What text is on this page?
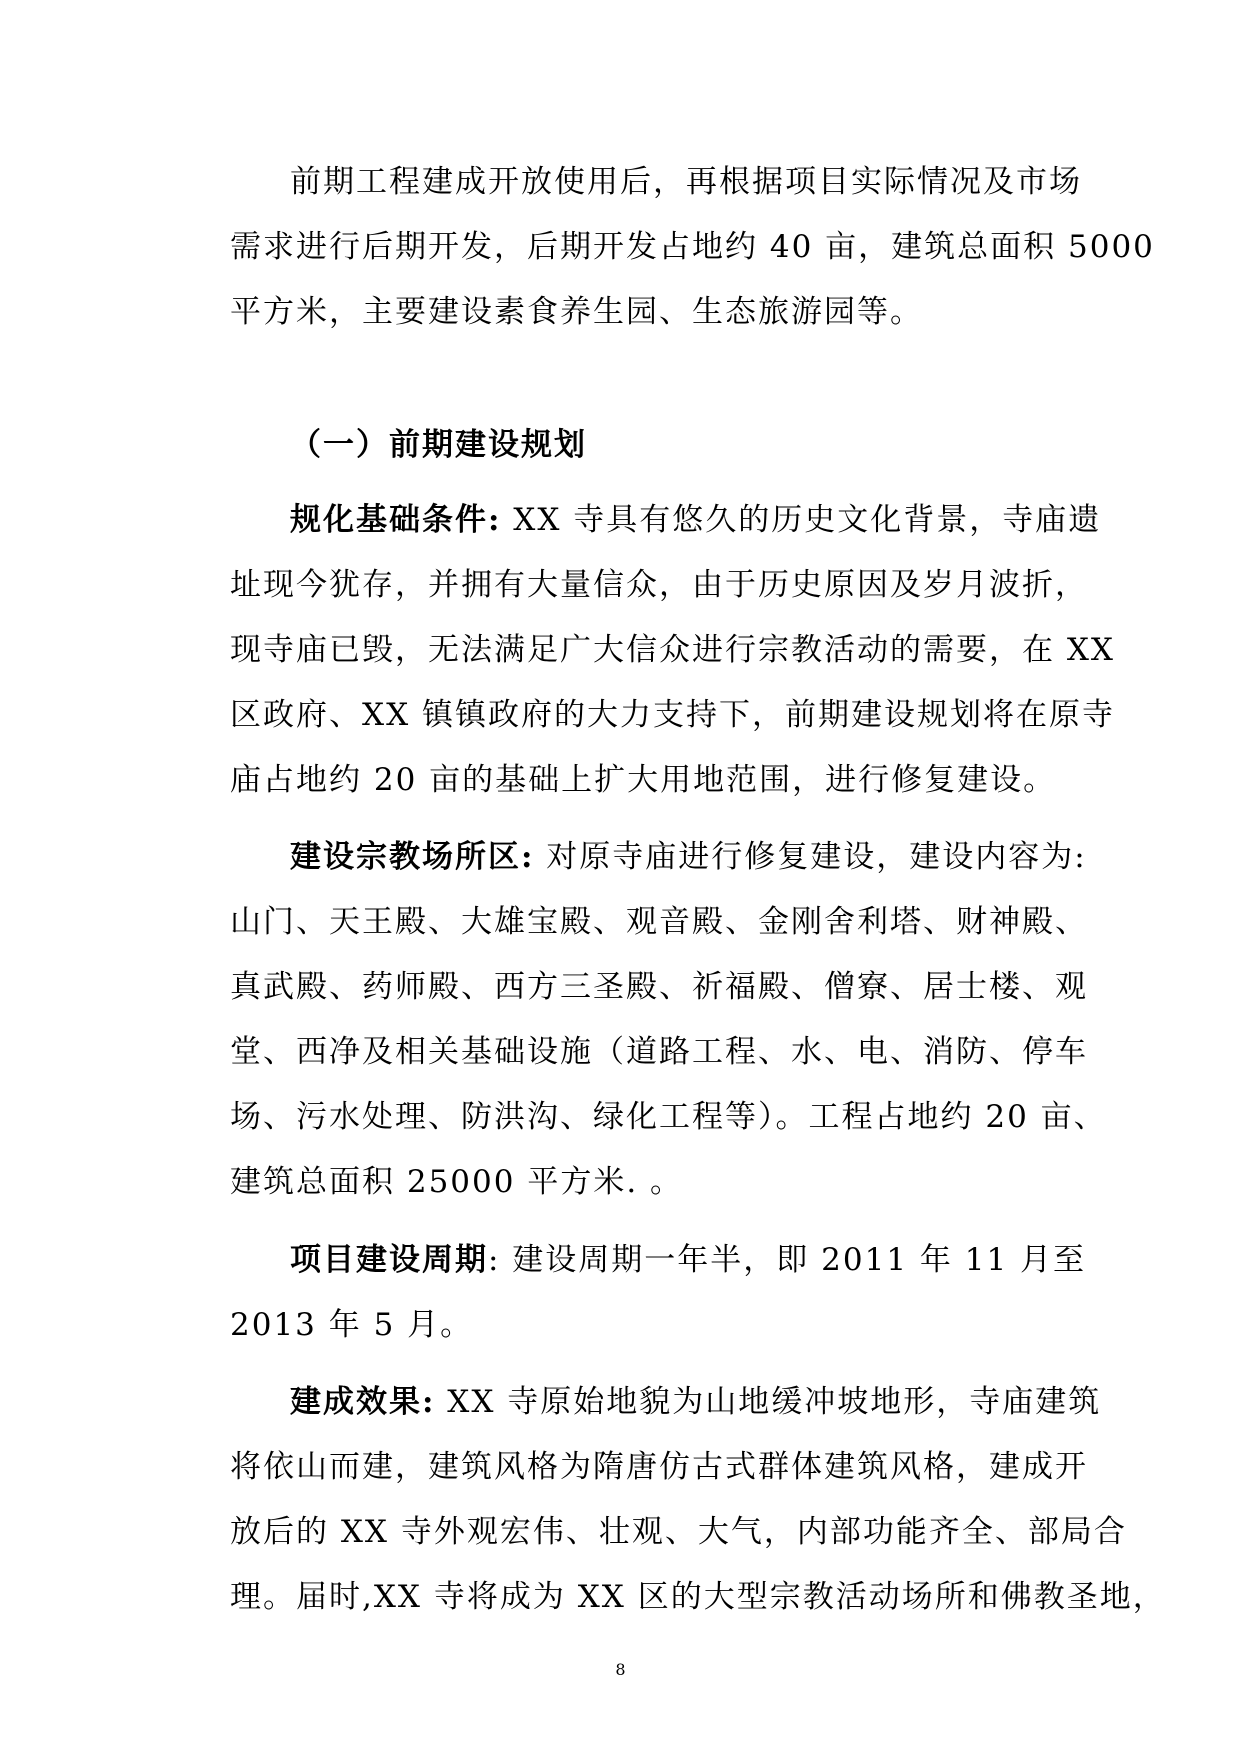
前期工程建成开放使用后，再根据项目实际情况及市场
需求进行后期开发，后期开发占地约 40 亩，建筑总面积 5000
平方米，主要建设素食养生园、生态旅游园等。
（一）前期建设规划
规化基础条件: XX 寺具有悠久的历史文化背景，寺庙遗
址现今犹存，并拥有大量信众，由于历史原因及岁月波折，
现寺庙已毁，无法满足广大信众进行宗教活动的需要，在 XX
区政府、XX 镇镇政府的大力支持下，前期建设规划将在原寺
庙占地约 20 亩的基础上扩大用地范围，进行修复建设。
建设宗教场所区: 对原寺庙进行修复建设，建设内容为:
山门、天王殿、大雄宝殿、观音殿、金刚舍利塔、财神殿、
真武殿、药师殿、西方三圣殿、祈福殿、僧寮、居士楼、观
堂、西净及相关基础设施（道路工程、水、电、消防、停车
场、污水处理、防洪沟、绿化工程等）。工程占地约 20 亩、
建筑总面积 25000 平方米. 。
项目建设周期: 建设周期一年半，即 2011 年 11 月至
2013 年 5 月。
建成效果: XX 寺原始地貌为山地缓冲坡地形，寺庙建筑
将依山而建，建筑风格为隋唐仿古式群体建筑风格，建成开
放后的 XX 寺外观宏伟、壮观、大气，内部功能齐全、部局合
理。届时,XX 寺将成为 XX 区的大型宗教活动场所和佛教圣地，
8
